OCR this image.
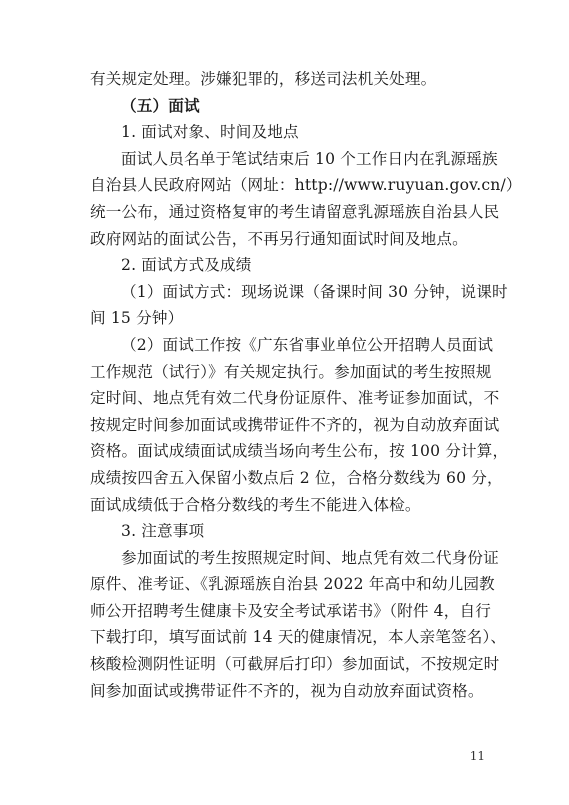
有关规定处理。涉嫌犯罪的，移送司法机关处理。
（五）面试
1. 面试对象、时间及地点
面试人员名单于笔试结束后 10 个工作日内在乳源瑶族
自治县人民政府网站（网址：http://www.ruyuan.gov.cn/）
统一公布，通过资格复审的考生请留意乳源瑶族自治县人民
政府网站的面试公告，不再另行通知面试时间及地点。
2. 面试方式及成绩
（1）面试方式：现场说课（备课时间 30 分钟，说课时
间 15 分钟）
（2）面试工作按《广东省事业单位公开招聘人员面试
工作规范（试行）》有关规定执行。参加面试的考生按照规
定时间、地点凭有效二代身份证原件、准考证参加面试，不
按规定时间参加面试或携带证件不齐的，视为自动放弃面试
资格。面试成绩面试成绩当场向考生公布，按 100 分计算，
成绩按四舍五入保留小数点后 2 位，合格分数线为 60 分，
面试成绩低于合格分数线的考生不能进入体检。
3. 注意事项
参加面试的考生按照规定时间、地点凭有效二代身份证
原件、准考证、《乳源瑶族自治县 2022 年高中和幼儿园教
师公开招聘考生健康卡及安全考试承诺书》（附件 4，自行
下载打印，填写面试前 14 天的健康情况，本人亲笔签名）、
核酸检测阴性证明（可截屏后打印）参加面试，不按规定时
间参加面试或携带证件不齐的，视为自动放弃面试资格。
11
